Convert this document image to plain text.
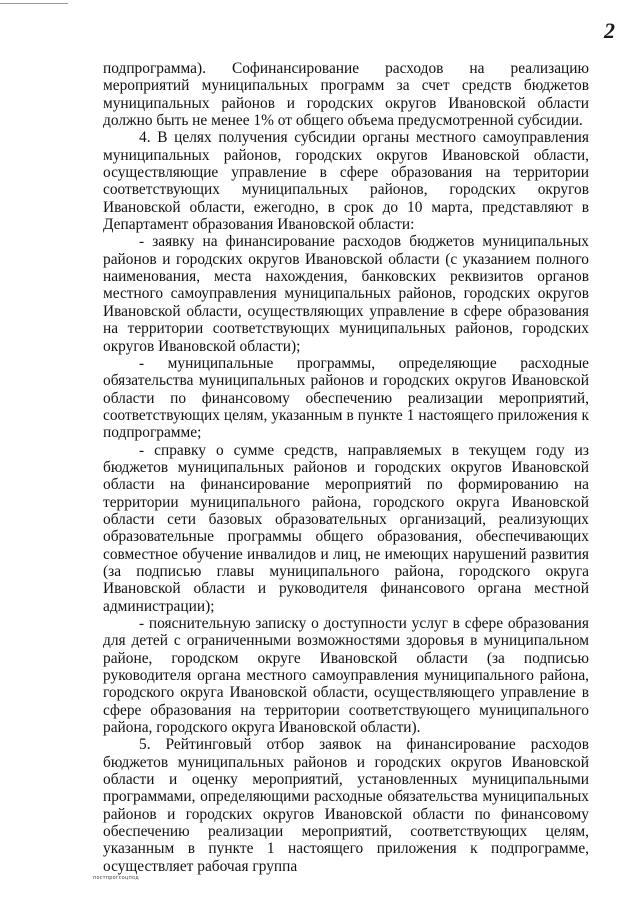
2

подпрограмма). Софинансирование расходов на реализацию мероприятий муниципальных программ за счет средств бюджетов муниципальных районов и городских округов Ивановской области должно быть не менее 1% от общего объема предусмотренной субсидии.

4. В целях получения субсидии органы местного самоуправления муниципальных районов, городских округов Ивановской области, осуществляющие управление в сфере образования на территории соответствующих муниципальных районов, городских округов Ивановской области, ежегодно, в срок до 10 марта, представляют в Департамент образования Ивановской области:

- заявку на финансирование расходов бюджетов муниципальных районов и городских округов Ивановской области (с указанием полного наименования, места нахождения, банковских реквизитов органов местного самоуправления муниципальных районов, городских округов Ивановской области, осуществляющих управление в сфере образования на территории соответствующих муниципальных районов, городских округов Ивановской области);

- муниципальные программы, определяющие расходные обязательства муниципальных районов и городских округов Ивановской области по финансовому обеспечению реализации мероприятий, соответствующих целям, указанным в пункте 1 настоящего приложения к подпрограмме;

- справку о сумме средств, направляемых в текущем году из бюджетов муниципальных районов и городских округов Ивановской области на финансирование мероприятий по формированию на территории муниципального района, городского округа Ивановской области сети базовых образовательных организаций, реализующих образовательные программы общего образования, обеспечивающих совместное обучение инвалидов и лиц, не имеющих нарушений развития (за подписью главы муниципального района, городского округа Ивановской области и руководителя финансового органа местной администрации);

- пояснительную записку о доступности услуг в сфере образования для детей с ограниченными возможностями здоровья в муниципальном районе, городском округе Ивановской области (за подписью руководителя органа местного самоуправления муниципального района, городского округа Ивановской области, осуществляющего управление в сфере образования на территории соответствующего муниципального района, городского округа Ивановской области).

5. Рейтинговый отбор заявок на финансирование расходов бюджетов муниципальных районов и городских округов Ивановской области и оценку мероприятий, установленных муниципальными программами, определяющими расходные обязательства муниципальных районов и городских округов Ивановской области по финансовому обеспечению реализации мероприятий, соответствующих целям, указанным в пункте 1 настоящего приложения к подпрограмме, осуществляет рабочая группа

постпрогсоцпод
